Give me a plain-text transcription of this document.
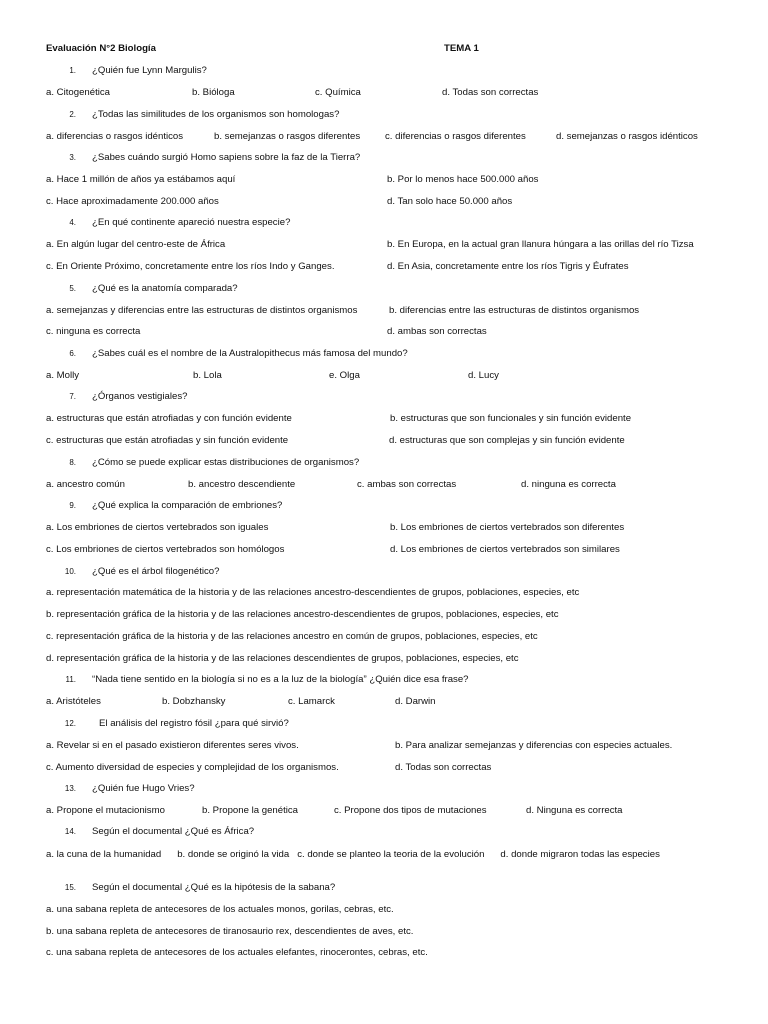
Evaluación N°2 Biología	TEMA 1
1. ¿Quién fue Lynn Margulis?
a. Citogenética	b. Bióloga	c. Química	d. Todas son correctas
2. ¿Todas las similitudes de los organismos son homologas?
a. diferencias o rasgos idénticos	b. semejanzas o rasgos diferentes	c. diferencias o rasgos diferentes	d. semejanzas o rasgos idénticos
3. ¿Sabes cuándo surgió Homo sapiens sobre la faz de la Tierra?
a. Hace 1 millón de años ya estábamos aquí	b. Por lo menos hace 500.000 años
c. Hace aproximadamente 200.000 años	d. Tan solo hace 50.000 años
4. ¿En qué continente apareció nuestra especie?
a. En algún lugar del centro-este de África	b. En Europa, en la actual gran llanura húngara a las orillas del río Tizsa
c. En Oriente Próximo, concretamente entre los ríos Indo y Ganges.	d. En Asia, concretamente entre los ríos Tigris y Éufrates
5. ¿Qué es la anatomía comparada?
a. semejanzas y diferencias entre las estructuras de distintos organismos	b. diferencias entre las estructuras de distintos organismos
c. ninguna es correcta	d. ambas son correctas
6. ¿Sabes cuál es el nombre de la Australopithecus más famosa del mundo?
a. Molly	b. Lola	e. Olga	d. Lucy
7. ¿Órganos vestigiales?
a. estructuras que están atrofiadas y con función evidente	b. estructuras que son funcionales y sin función evidente
c. estructuras que están atrofiadas y sin función evidente	d. estructuras que son complejas y sin función evidente
8. ¿Cómo se puede explicar estas distribuciones de organismos?
a. ancestro común	b. ancestro descendiente	c. ambas son correctas	d. ninguna es correcta
9. ¿Qué explica la comparación de embriones?
a. Los embriones de ciertos vertebrados son iguales	b. Los embriones de ciertos vertebrados son diferentes
c. Los embriones de ciertos vertebrados son homólogos	d. Los embriones de ciertos vertebrados son similares
10. ¿Qué es el árbol filogenético?
a. representación matemática de la historia y de las relaciones ancestro-descendientes de grupos, poblaciones, especies, etc
b. representación gráfica de la historia y de las relaciones ancestro-descendientes de grupos, poblaciones, especies, etc
c. representación gráfica de la historia y de las relaciones ancestro en común de grupos, poblaciones, especies, etc
d. representación gráfica de la historia y de las relaciones descendientes de grupos, poblaciones, especies, etc
11. “Nada tiene sentido en la biología si no es a la luz de la biología” ¿Quién dice esa frase?
a. Aristóteles	b. Dobzhansky	c. Lamarck	d. Darwin
12. El análisis del registro fósil ¿para qué sirvió?
a. Revelar si en el pasado existieron diferentes seres vivos.	b. Para analizar semejanzas y diferencias con especies actuales.
c. Aumento diversidad de especies y complejidad de los organismos.	d. Todas son correctas
13. ¿Quién fue Hugo Vries?
a. Propone el mutacionismo	b. Propone la genética	c. Propone dos tipos de mutaciones	d. Ninguna es correcta
14. Según el documental ¿Qué es África?
a. la cuna de la humanidad      b. donde se originó la vida   c. donde se planteo la teoria de la evolución      d. donde migraron todas las especies
15. Según el documental ¿Qué es la hipótesis de la sabana?
a. una sabana repleta de antecesores de los actuales monos, gorilas, cebras, etc.
b. una sabana repleta de antecesores de tiranosaurio rex, descendientes de aves, etc.
c. una sabana repleta de antecesores de los actuales elefantes, rinocerontes, cebras, etc.
